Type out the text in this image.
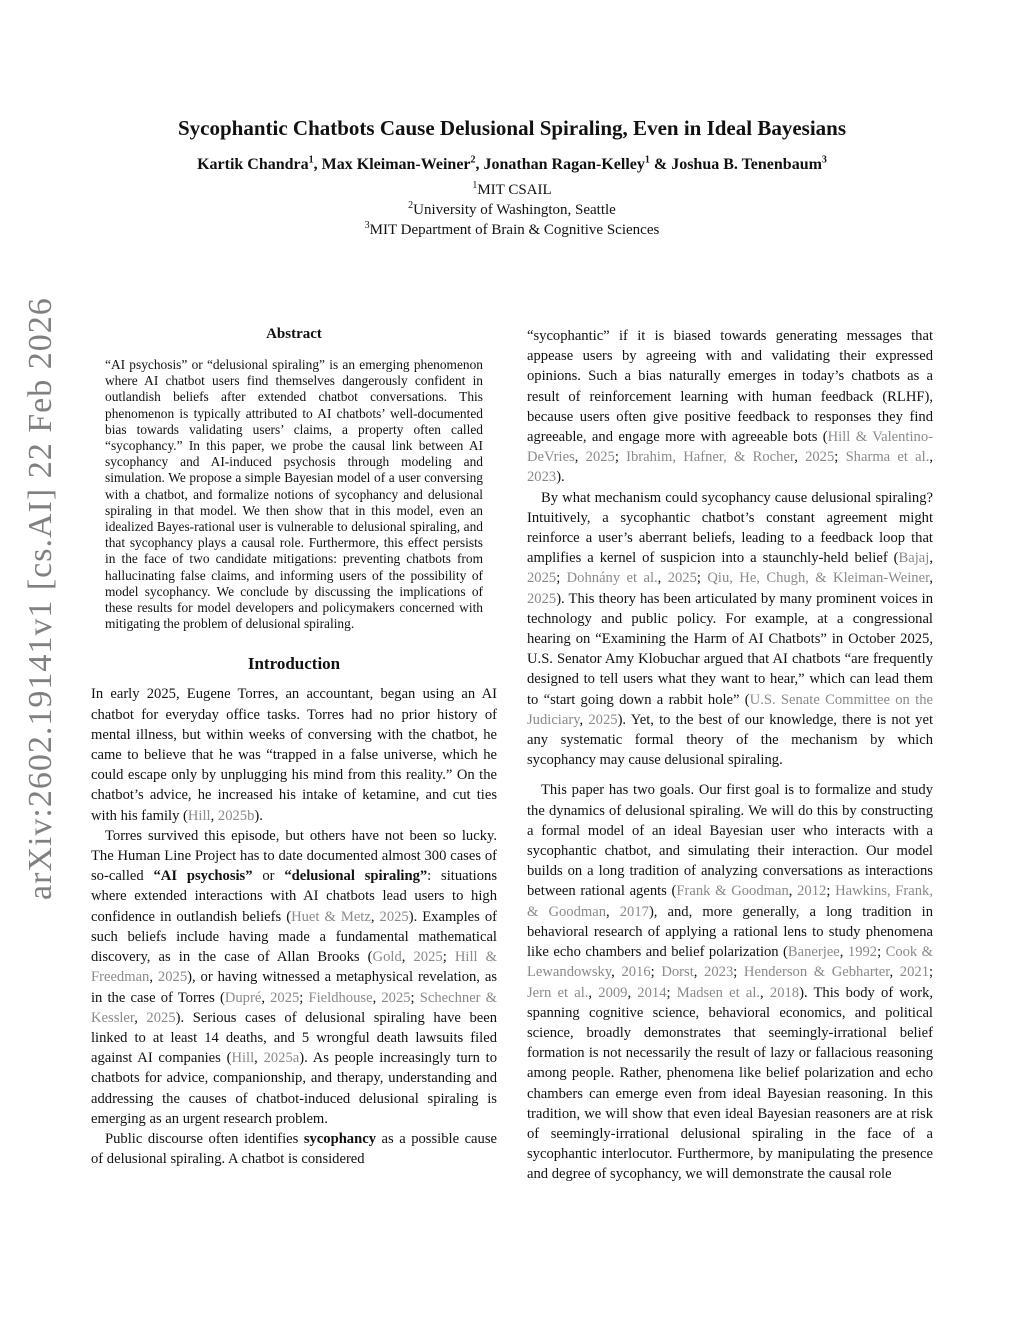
arXiv:2602.19141v1 [cs.AI] 22 Feb 2026
Sycophantic Chatbots Cause Delusional Spiraling, Even in Ideal Bayesians
Kartik Chandra$^1$, Max Kleiman-Weiner$^2$, Jonathan Ragan-Kelley$^1$ & Joshua B. Tenenbaum$^3$
$^1$MIT CSAIL
$^2$University of Washington, Seattle
$^3$MIT Department of Brain & Cognitive Sciences
Abstract
“AI psychosis” or “delusional spiraling” is an emerging phenomenon where AI chatbot users find themselves dangerously confident in outlandish beliefs after extended chatbot conversations. This phenomenon is typically attributed to AI chatbots’ well-documented bias towards validating users’ claims, a property often called “sycophancy.” In this paper, we probe the causal link between AI sycophancy and AI-induced psychosis through modeling and simulation. We propose a simple Bayesian model of a user conversing with a chatbot, and formalize notions of sycophancy and delusional spiraling in that model. We then show that in this model, even an idealized Bayes-rational user is vulnerable to delusional spiraling, and that sycophancy plays a causal role. Furthermore, this effect persists in the face of two candidate mitigations: preventing chatbots from hallucinating false claims, and informing users of the possibility of model sycophancy. We conclude by discussing the implications of these results for model developers and policymakers concerned with mitigating the problem of delusional spiraling.
Introduction

In early 2025, Eugene Torres, an accountant, began using an AI chatbot for everyday office tasks. Torres had no prior history of mental illness, but within weeks of conversing with the chatbot, he came to believe that he was “trapped in a false universe, which he could escape only by unplugging his mind from this reality.” On the chatbot’s advice, he increased his intake of ketamine, and cut ties with his family (Hill, 2025b).

Torres survived this episode, but others have not been so lucky. The Human Line Project has to date documented almost 300 cases of so-called “AI psychosis” or “delusional spiraling”: situations where extended interactions with AI chatbots lead users to high confidence in outlandish beliefs (Huet & Metz, 2025). Examples of such beliefs include having made a fundamental mathematical discovery, as in the case of Allan Brooks (Gold, 2025; Hill & Freedman, 2025), or having witnessed a metaphysical revelation, as in the case of Torres (Dupré, 2025; Fieldhouse, 2025; Schechner & Kessler, 2025). Serious cases of delusional spiraling have been linked to at least 14 deaths, and 5 wrongful death lawsuits filed against AI companies (Hill, 2025a). As people increasingly turn to chatbots for advice, companionship, and therapy, understanding and addressing the causes of chatbot-induced delusional spiraling is emerging as an urgent research problem.

Public discourse often identifies sycophancy as a possible cause of delusional spiraling. A chatbot is considered

“sycophantic” if it is biased towards generating messages that appease users by agreeing with and validating their expressed opinions. Such a bias naturally emerges in today’s chatbots as a result of reinforcement learning with human feedback (RLHF), because users often give positive feedback to responses they find agreeable, and engage more with agreeable bots (Hill & Valentino-DeVries, 2025; Ibrahim, Hafner, & Rocher, 2025; Sharma et al., 2023).

By what mechanism could sycophancy cause delusional spiraling? Intuitively, a sycophantic chatbot’s constant agreement might reinforce a user’s aberrant beliefs, leading to a feedback loop that amplifies a kernel of suspicion into a staunchly-held belief (Bajaj, 2025; Dohnány et al., 2025; Qiu, He, Chugh, & Kleiman-Weiner, 2025). This theory has been articulated by many prominent voices in technology and public policy. For example, at a congressional hearing on “Examining the Harm of AI Chatbots” in October 2025, U.S. Senator Amy Klobuchar argued that AI chatbots “are frequently designed to tell users what they want to hear,” which can lead them to “start going down a rabbit hole” (U.S. Senate Committee on the Judiciary, 2025). Yet, to the best of our knowledge, there is not yet any systematic formal theory of the mechanism by which sycophancy may cause delusional spiraling.

This paper has two goals. Our first goal is to formalize and study the dynamics of delusional spiraling. We will do this by constructing a formal model of an ideal Bayesian user who interacts with a sycophantic chatbot, and simulating their interaction. Our model builds on a long tradition of analyzing conversations as interactions between rational agents (Frank & Goodman, 2012; Hawkins, Frank, & Goodman, 2017), and, more generally, a long tradition in behavioral research of applying a rational lens to study phenomena like echo chambers and belief polarization (Banerjee, 1992; Cook & Lewandowsky, 2016; Dorst, 2023; Henderson & Gebharter, 2021; Jern et al., 2009, 2014; Madsen et al., 2018). This body of work, spanning cognitive science, behavioral economics, and political science, broadly demonstrates that seemingly-irrational belief formation is not necessarily the result of lazy or fallacious reasoning among people. Rather, phenomena like belief polarization and echo chambers can emerge even from ideal Bayesian reasoning. In this tradition, we will show that even ideal Bayesian reasoners are at risk of seemingly-irrational delusional spiraling in the face of a sycophantic interlocutor. Furthermore, by manipulating the presence and degree of sycophancy, we will demonstrate the causal role
